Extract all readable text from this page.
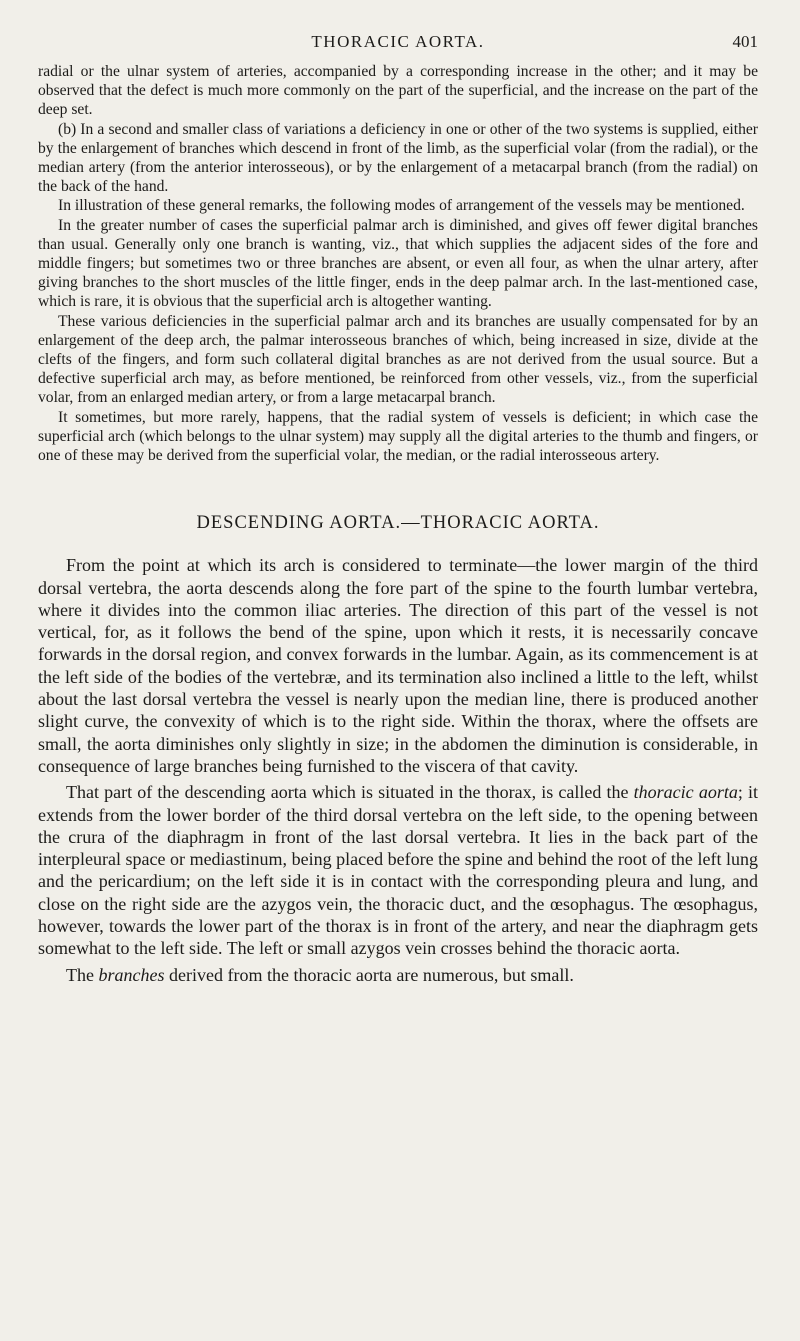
THORACIC AORTA.	401

radial or the ulnar system of arteries, accompanied by a corresponding increase in the other; and it may be observed that the defect is much more commonly on the part of the superficial, and the increase on the part of the deep set.

(b) In a second and smaller class of variations a deficiency in one or other of the two systems is supplied, either by the enlargement of branches which descend in front of the limb, as the superficial volar (from the radial), or the median artery (from the anterior interosseous), or by the enlargement of a metacarpal branch (from the radial) on the back of the hand.

In illustration of these general remarks, the following modes of arrangement of the vessels may be mentioned.

In the greater number of cases the superficial palmar arch is diminished, and gives off fewer digital branches than usual. Generally only one branch is wanting, viz., that which supplies the adjacent sides of the fore and middle fingers; but sometimes two or three branches are absent, or even all four, as when the ulnar artery, after giving branches to the short muscles of the little finger, ends in the deep palmar arch. In the last-mentioned case, which is rare, it is obvious that the superficial arch is altogether wanting.

These various deficiencies in the superficial palmar arch and its branches are usually compensated for by an enlargement of the deep arch, the palmar interosseous branches of which, being increased in size, divide at the clefts of the fingers, and form such collateral digital branches as are not derived from the usual source. But a defective superficial arch may, as before mentioned, be reinforced from other vessels, viz., from the superficial volar, from an enlarged median artery, or from a large metacarpal branch.

It sometimes, but more rarely, happens, that the radial system of vessels is deficient; in which case the superficial arch (which belongs to the ulnar system) may supply all the digital arteries to the thumb and fingers, or one of these may be derived from the superficial volar, the median, or the radial interosseous artery.

DESCENDING AORTA.—THORACIC AORTA.

From the point at which its arch is considered to terminate—the lower margin of the third dorsal vertebra, the aorta descends along the fore part of the spine to the fourth lumbar vertebra, where it divides into the common iliac arteries. The direction of this part of the vessel is not vertical, for, as it follows the bend of the spine, upon which it rests, it is necessarily concave forwards in the dorsal region, and convex forwards in the lumbar. Again, as its commencement is at the left side of the bodies of the vertebræ, and its termination also inclined a little to the left, whilst about the last dorsal vertebra the vessel is nearly upon the median line, there is produced another slight curve, the convexity of which is to the right side. Within the thorax, where the offsets are small, the aorta diminishes only slightly in size; in the abdomen the diminution is considerable, in consequence of large branches being furnished to the viscera of that cavity.

That part of the descending aorta which is situated in the thorax, is called the thoracic aorta; it extends from the lower border of the third dorsal vertebra on the left side, to the opening between the crura of the diaphragm in front of the last dorsal vertebra. It lies in the back part of the interpleural space or mediastinum, being placed before the spine and behind the root of the left lung and the pericardium; on the left side it is in contact with the corresponding pleura and lung, and close on the right side are the azygos vein, the thoracic duct, and the œsophagus. The œsophagus, however, towards the lower part of the thorax is in front of the artery, and near the diaphragm gets somewhat to the left side. The left or small azygos vein crosses behind the thoracic aorta.

The branches derived from the thoracic aorta are numerous, but small.
